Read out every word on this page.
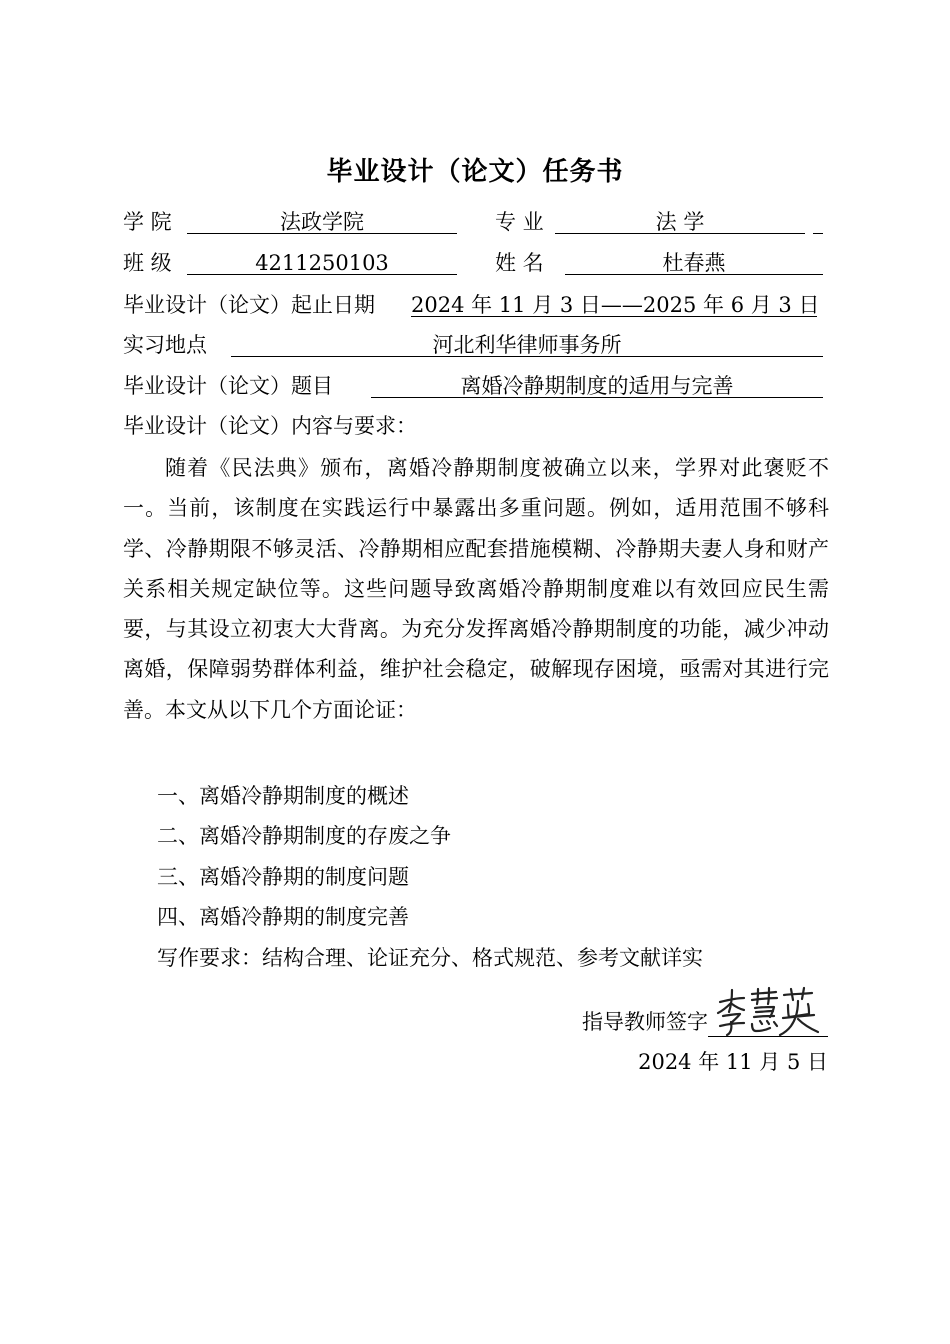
毕业设计（论文）任务书
学 院	法政学院	专 业	法 学
班 级	4211250103	姓 名	杜春燕
毕业设计（论文）起止日期 2024 年 11 月 3 日——2025 年 6 月 3 日
实习地点	河北利华律师事务所
毕业设计（论文）题目	离婚冷静期制度的适用与完善
毕业设计（论文）内容与要求：
随着《民法典》颁布，离婚冷静期制度被确立以来，学界对此褒贬不一。当前，该制度在实践运行中暴露出多重问题。例如，适用范围不够科学、冷静期限不够灵活、冷静期相应配套措施模糊、冷静期夫妻人身和财产关系相关规定缺位等。这些问题导致离婚冷静期制度难以有效回应民生需要，与其设立初衷大大背离。为充分发挥离婚冷静期制度的功能，减少冲动离婚，保障弱势群体利益，维护社会稳定，破解现存困境，亟需对其进行完善。本文从以下几个方面论证：
一、离婚冷静期制度的概述
二、离婚冷静期制度的存废之争
三、离婚冷静期的制度问题
四、离婚冷静期的制度完善
写作要求：结构合理、论证充分、格式规范、参考文献详实
指导教师签字
2024 年 11 月 5 日
